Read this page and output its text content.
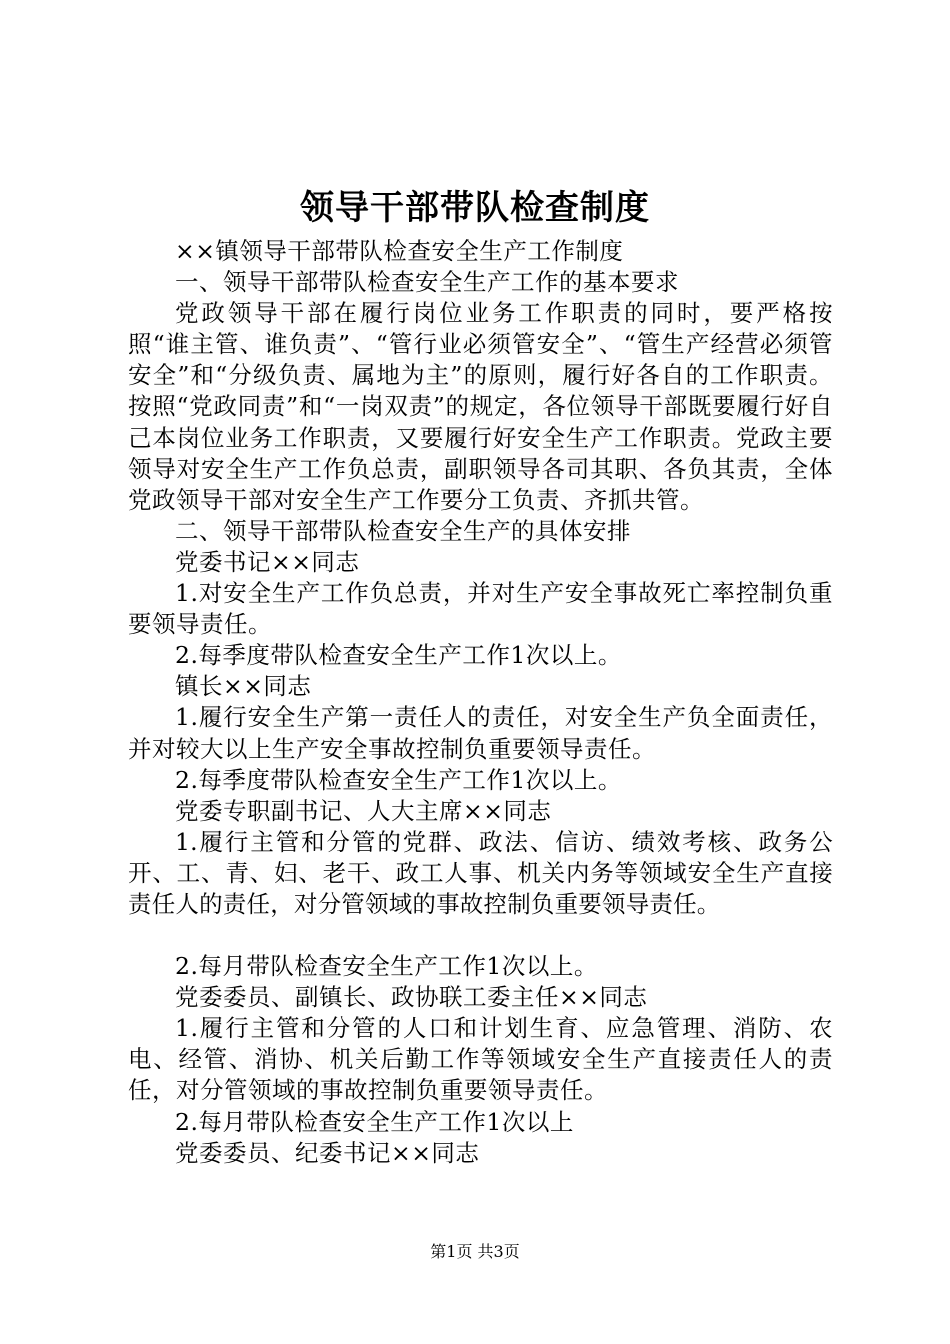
领导干部带队检查制度

××镇领导干部带队检查安全生产工作制度

一、领导干部带队检查安全生产工作的基本要求

党政领导干部在履行岗位业务工作职责的同时，要严格按照“谁主管、谁负责”、“管行业必须管安全”、“管生产经营必须管安全”和“分级负责、属地为主”的原则，履行好各自的工作职责。按照“党政同责”和“一岗双责”的规定，各位领导干部既要履行好自己本岗位业务工作职责，又要履行好安全生产工作职责。党政主要领导对安全生产工作负总责，副职领导各司其职、各负其责，全体党政领导干部对安全生产工作要分工负责、齐抓共管。

二、领导干部带队检查安全生产的具体安排

党委书记××同志

1.对安全生产工作负总责，并对生产安全事故死亡率控制负重要领导责任。

2.每季度带队检查安全生产工作1次以上。

镇长××同志

1.履行安全生产第一责任人的责任，对安全生产负全面责任，并对较大以上生产安全事故控制负重要领导责任。

2.每季度带队检查安全生产工作1次以上。

党委专职副书记、人大主席××同志

1.履行主管和分管的党群、政法、信访、绩效考核、政务公开、工、青、妇、老干、政工人事、机关内务等领域安全生产直接责任人的责任，对分管领域的事故控制负重要领导责任。

2.每月带队检查安全生产工作1次以上。

党委委员、副镇长、政协联工委主任××同志

1.履行主管和分管的人口和计划生育、应急管理、消防、农电、经管、消协、机关后勤工作等领域安全生产直接责任人的责任，对分管领域的事故控制负重要领导责任。

2.每月带队检查安全生产工作1次以上

党委委员、纪委书记××同志

第1页 共3页
